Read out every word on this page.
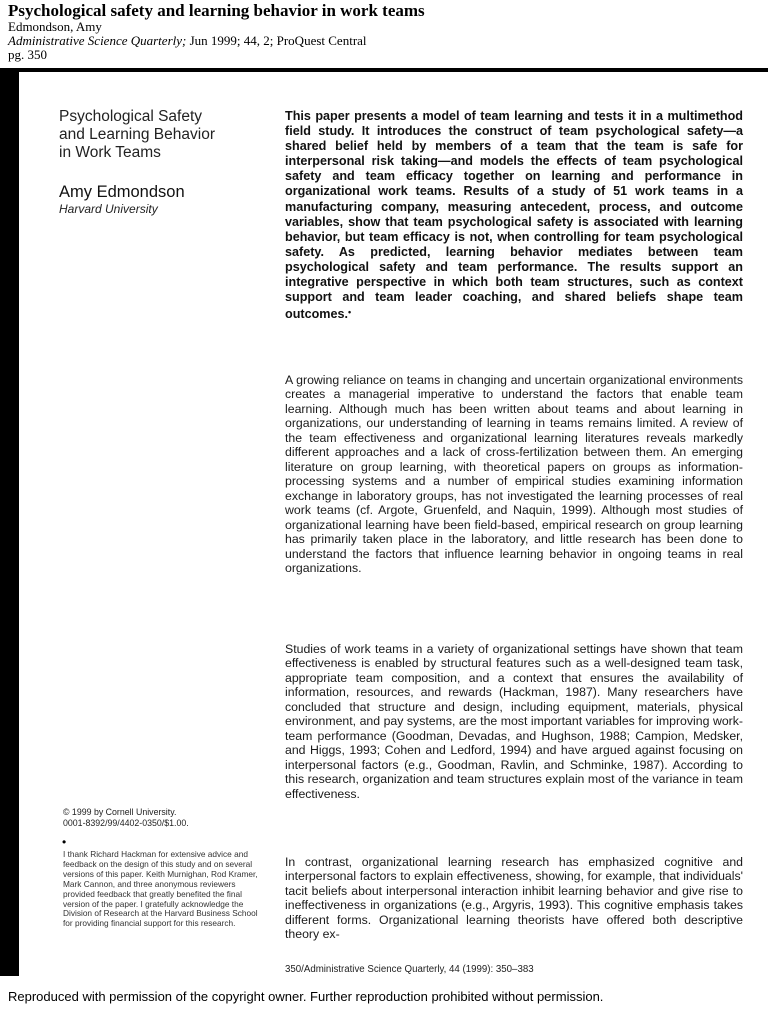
Psychological safety and learning behavior in work teams

Edmondson, Amy

Administrative Science Quarterly; Jun 1999; 44, 2; ProQuest Central

pg. 350

Psychological Safety
and Learning Behavior
in Work Teams

Amy Edmondson

Harvard University

This paper presents a model of team learning and tests it in a multimethod field study. It introduces the construct of team psychological safety—a shared belief held by members of a team that the team is safe for interpersonal risk taking—and models the effects of team psychological safety and team efficacy together on learning and performance in organizational work teams. Results of a study of 51 work teams in a manufacturing company, measuring antecedent, process, and outcome variables, show that team psychological safety is associated with learning behavior, but team efficacy is not, when controlling for team psychological safety. As predicted, learning behavior mediates between team psychological safety and team performance. The results support an integrative perspective in which both team structures, such as context support and team leader coaching, and shared beliefs shape team outcomes.•

A growing reliance on teams in changing and uncertain organizational environments creates a managerial imperative to understand the factors that enable team learning. Although much has been written about teams and about learning in organizations, our understanding of learning in teams remains limited. A review of the team effectiveness and organizational learning literatures reveals markedly different approaches and a lack of cross-fertilization between them. An emerging literature on group learning, with theoretical papers on groups as information-processing systems and a number of empirical studies examining information exchange in laboratory groups, has not investigated the learning processes of real work teams (cf. Argote, Gruenfeld, and Naquin, 1999). Although most studies of organizational learning have been field-based, empirical research on group learning has primarily taken place in the laboratory, and little research has been done to understand the factors that influence learning behavior in ongoing teams in real organizations.

Studies of work teams in a variety of organizational settings have shown that team effectiveness is enabled by structural features such as a well-designed team task, appropriate team composition, and a context that ensures the availability of information, resources, and rewards (Hackman, 1987). Many researchers have concluded that structure and design, including equipment, materials, physical environment, and pay systems, are the most important variables for improving work-team performance (Goodman, Devadas, and Hughson, 1988; Campion, Medsker, and Higgs, 1993; Cohen and Ledford, 1994) and have argued against focusing on interpersonal factors (e.g., Goodman, Ravlin, and Schminke, 1987). According to this research, organization and team structures explain most of the variance in team effectiveness.

In contrast, organizational learning research has emphasized cognitive and interpersonal factors to explain effectiveness, showing, for example, that individuals' tacit beliefs about interpersonal interaction inhibit learning behavior and give rise to ineffectiveness in organizations (e.g., Argyris, 1993). This cognitive emphasis takes different forms. Organizational learning theorists have offered both descriptive theory ex-

© 1999 by Cornell University.
0001-8392/99/4402-0350/$1.00.

•

I thank Richard Hackman for extensive advice and feedback on the design of this study and on several versions of this paper. Keith Murnighan, Rod Kramer, Mark Cannon, and three anonymous reviewers provided feedback that greatly benefited the final version of the paper. I gratefully acknowledge the Division of Research at the Harvard Business School for providing financial support for this research.

350/Administrative Science Quarterly, 44 (1999): 350–383

Reproduced with permission of the copyright owner. Further reproduction prohibited without permission.
